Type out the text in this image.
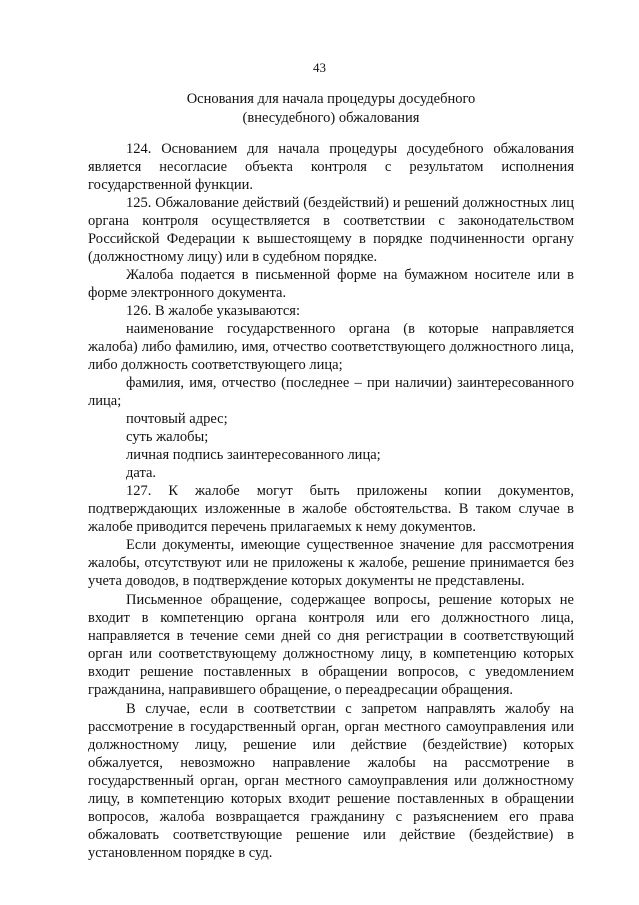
43
Основания для начала процедуры досудебного
(внесудебного) обжалования

124. Основанием для начала процедуры досудебного обжалования является несогласие объекта контроля с результатом исполнения государственной функции.

125. Обжалование действий (бездействий) и решений должностных лиц органа контроля осуществляется в соответствии с законодательством Российской Федерации к вышестоящему в порядке подчиненности органу (должностному лицу) или в судебном порядке.

Жалоба подается в письменной форме на бумажном носителе или в форме электронного документа.

126. В жалобе указываются:

наименование государственного органа (в которые направляется жалоба) либо фамилию, имя, отчество соответствующего должностного лица, либо должность соответствующего лица;

фамилия, имя, отчество (последнее – при наличии) заинтересованного лица;

почтовый адрес;

суть жалобы;

личная подпись заинтересованного лица;

дата.

127. К жалобе могут быть приложены копии документов, подтверждающих изложенные в жалобе обстоятельства. В таком случае в жалобе приводится перечень прилагаемых к нему документов.

Если документы, имеющие существенное значение для рассмотрения жалобы, отсутствуют или не приложены к жалобе, решение принимается без учета доводов, в подтверждение которых документы не представлены.

Письменное обращение, содержащее вопросы, решение которых не входит в компетенцию органа контроля или его должностного лица, направляется в течение семи дней со дня регистрации в соответствующий орган или соответствующему должностному лицу, в компетенцию которых входит решение поставленных в обращении вопросов, с уведомлением гражданина, направившего обращение, о переадресации обращения.

В случае, если в соответствии с запретом направлять жалобу на рассмотрение в государственный орган, орган местного самоуправления или должностному лицу, решение или действие (бездействие) которых обжалуется, невозможно направление жалобы на рассмотрение в государственный орган, орган местного самоуправления или должностному лицу, в компетенцию которых входит решение поставленных в обращении вопросов, жалоба возвращается гражданину с разъяснением его права обжаловать соответствующие решение или действие (бездействие) в установленном порядке в суд.
